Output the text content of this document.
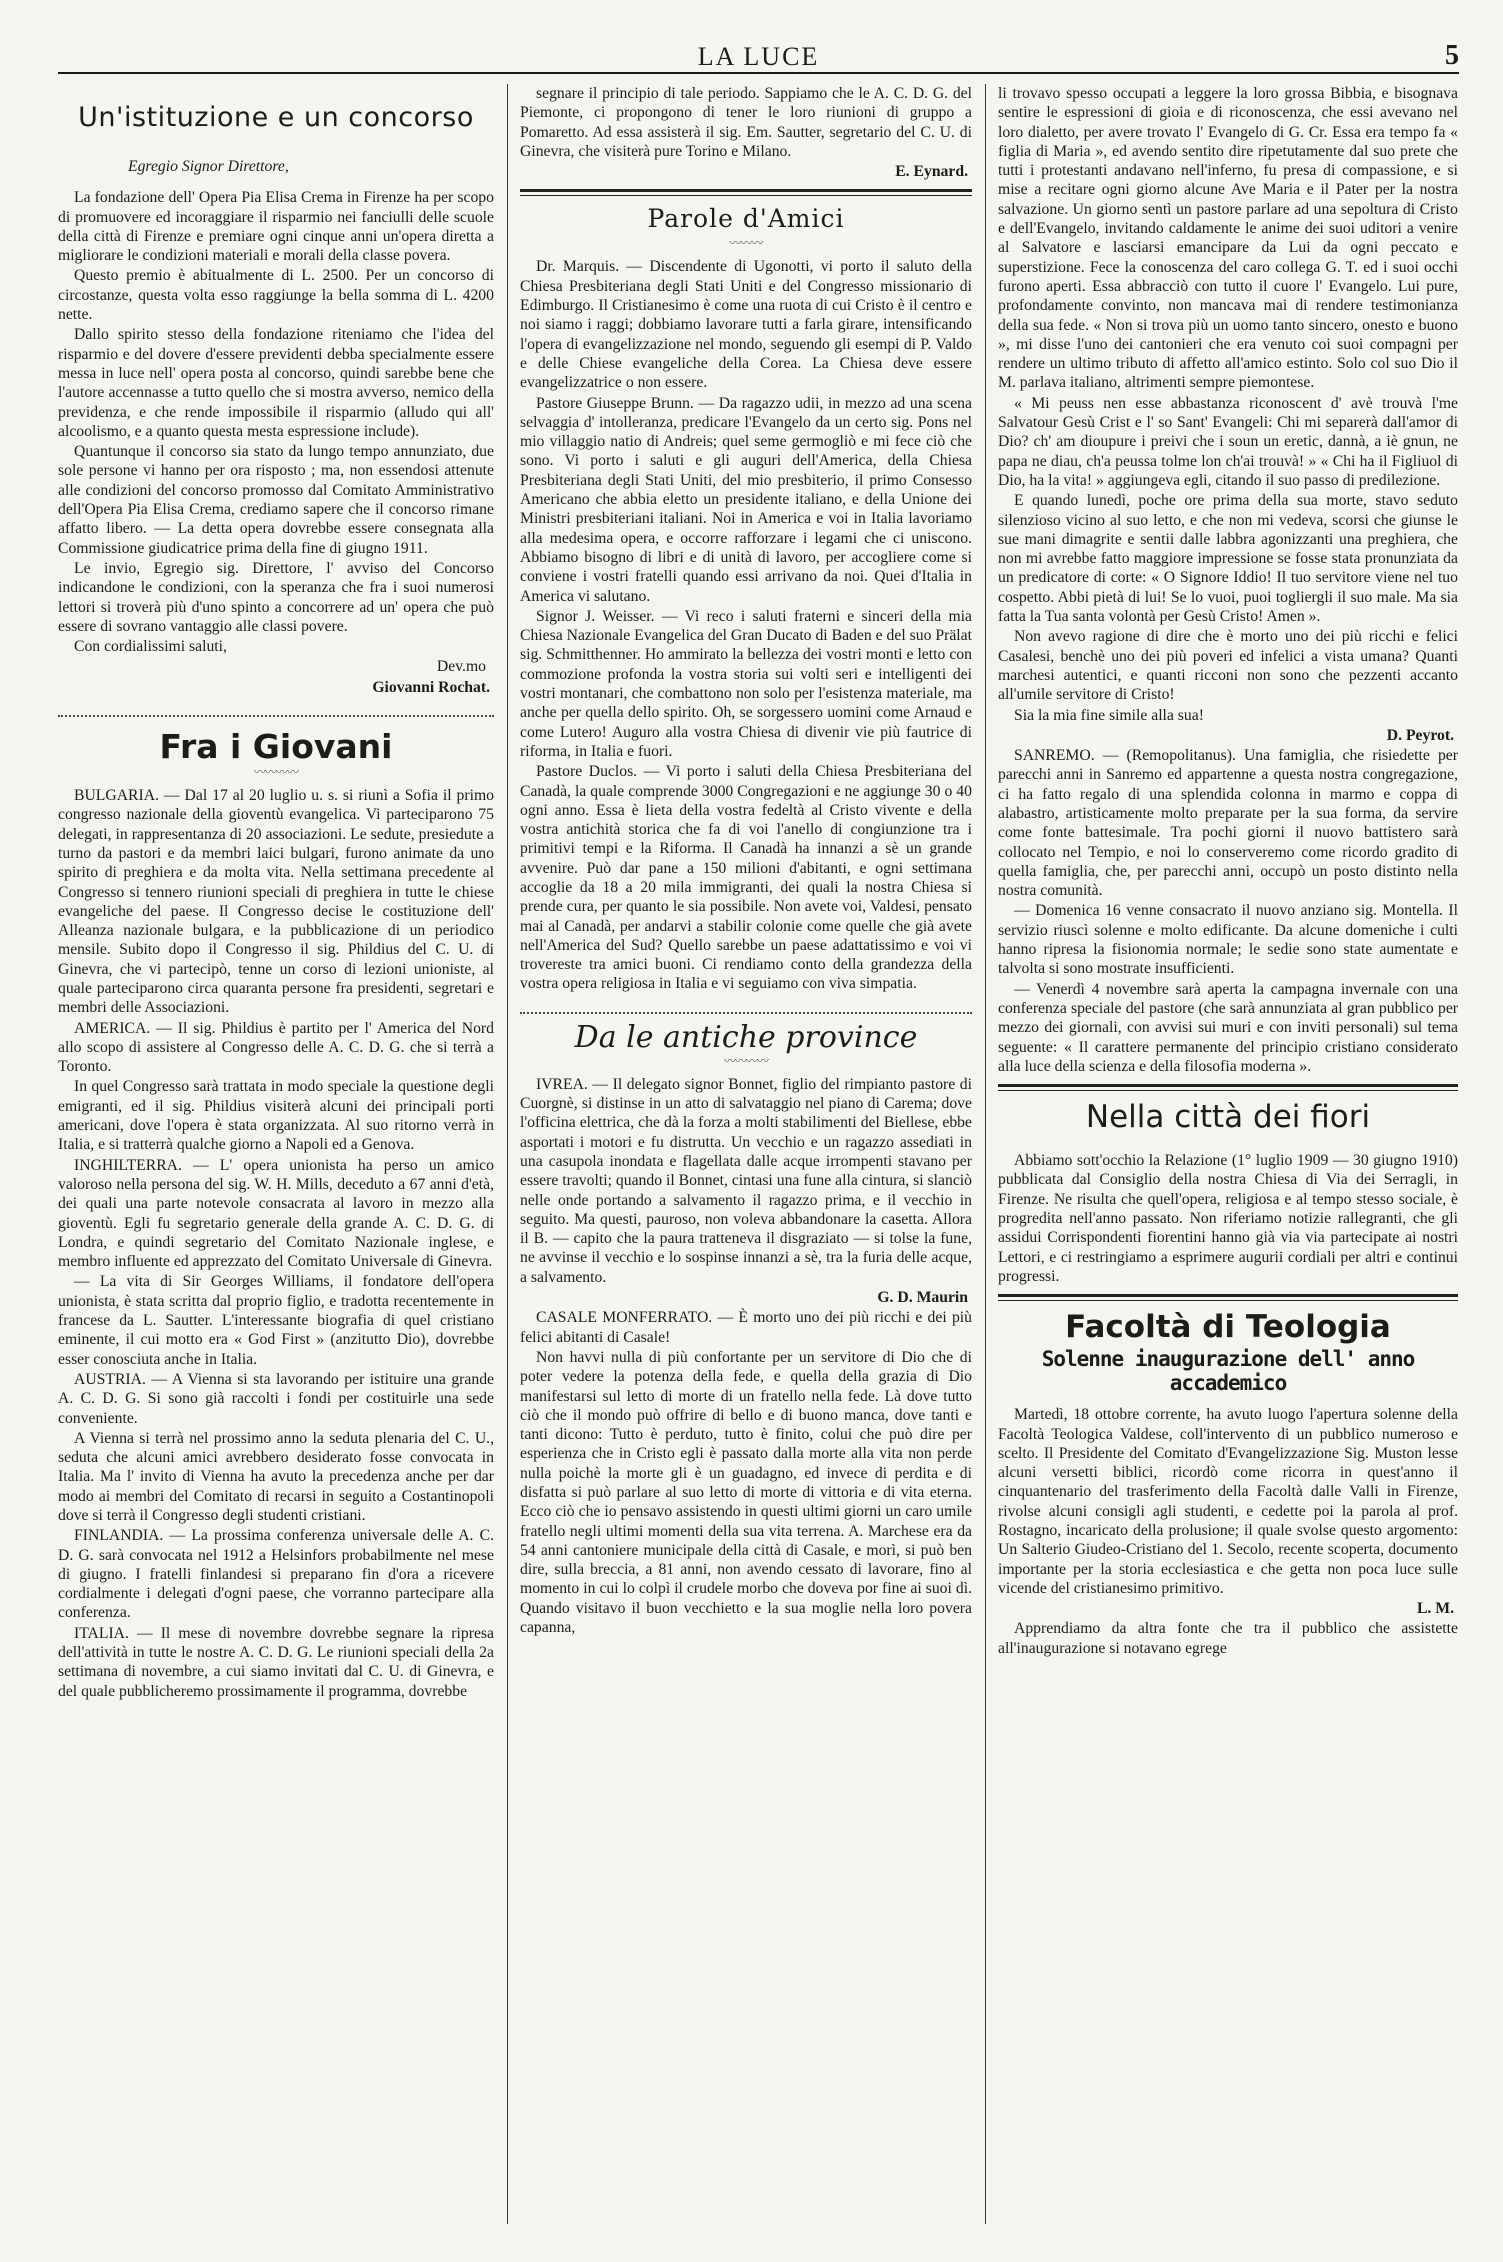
LA LUCE	5
Un'istituzione e un concorso

Egregio Signor Direttore,

La fondazione dell' Opera Pia Elisa Crema in Firenze ha per scopo di promuovere ed incoraggiare il risparmio nei fanciulli delle scuole della città di Firenze e premiare ogni cinque anni un'opera diretta a migliorare le condizioni materiali e morali della classe povera.

Questo premio è abitualmente di L. 2500. Per un concorso di circostanze, questa volta esso raggiunge la bella somma di L. 4200 nette.

Dallo spirito stesso della fondazione riteniamo che l'idea del risparmio e del dovere d'essere previdenti debba specialmente essere messa in luce nell' opera posta al concorso, quindi sarebbe bene che l'autore accennasse a tutto quello che si mostra avverso, nemico della previdenza, e che rende impossibile il risparmio (alludo qui all' alcoolismo, e a quanto questa mesta espressione include).

Quantunque il concorso sia stato da lungo tempo annunziato, due sole persone vi hanno per ora risposto ; ma, non essendosi attenute alle condizioni del concorso promosso dal Comitato Amministrativo dell'Opera Pia Elisa Crema, crediamo sapere che il concorso rimane affatto libero. — La detta opera dovrebbe essere consegnata alla Commissione giudicatrice prima della fine di giugno 1911.

Le invio, Egregio sig. Direttore, l' avviso del Concorso indicandone le condizioni, con la speranza che fra i suoi numerosi lettori si troverà più d'uno spinto a concorrere ad un' opera che può essere di sovrano vantaggio alle classi povere.

Con cordialissimi saluti,

Dev.mo

Giovanni Rochat.

Fra i Giovani
〰〰〰〰

BULGARIA. — Dal 17 al 20 luglio u. s. si riunì a Sofia il primo congresso nazionale della gioventù evangelica. Vi parteciparono 75 delegati, in rappresentanza di 20 associazioni. Le sedute, presiedute a turno da pastori e da membri laici bulgari, furono animate da uno spirito di preghiera e da molta vita. Nella settimana precedente al Congresso si tennero riunioni speciali di preghiera in tutte le chiese evangeliche del paese. Il Congresso decise le costituzione dell' Alleanza nazionale bulgara, e la pubblicazione di un periodico mensile. Subito dopo il Congresso il sig. Phildius del C. U. di Ginevra, che vi partecipò, tenne un corso di lezioni unioniste, al quale parteciparono circa quaranta persone fra presidenti, segretari e membri delle Associazioni.

AMERICA. — Il sig. Phildius è partito per l' America del Nord allo scopo di assistere al Congresso delle A. C. D. G. che si terrà a Toronto.

In quel Congresso sarà trattata in modo speciale la questione degli emigranti, ed il sig. Phildius visiterà alcuni dei principali porti americani, dove l'opera è stata organizzata. Al suo ritorno verrà in Italia, e si tratterrà qualche giorno a Napoli ed a Genova.

INGHILTERRA. — L' opera unionista ha perso un amico valoroso nella persona del sig. W. H. Mills, deceduto a 67 anni d'età, dei quali una parte notevole consacrata al lavoro in mezzo alla gioventù. Egli fu segretario generale della grande A. C. D. G. di Londra, e quindi segretario del Comitato Nazionale inglese, e membro influente ed apprezzato del Comitato Universale di Ginevra.

— La vita di Sir Georges Williams, il fondatore dell'opera unionista, è stata scritta dal proprio figlio, e tradotta recentemente in francese da L. Sautter. L'interessante biografia di quel cristiano eminente, il cui motto era « God First » (anzitutto Dio), dovrebbe esser conosciuta anche in Italia.

AUSTRIA. — A Vienna si sta lavorando per istituire una grande A. C. D. G. Si sono già raccolti i fondi per costituirle una sede conveniente.

A Vienna si terrà nel prossimo anno la seduta plenaria del C. U., seduta che alcuni amici avrebbero desiderato fosse convocata in Italia. Ma l' invito di Vienna ha avuto la precedenza anche per dar modo ai membri del Comitato di recarsi in seguito a Costantinopoli dove si terrà il Congresso degli studenti cristiani.

FINLANDIA. — La prossima conferenza universale delle A. C. D. G. sarà convocata nel 1912 a Helsinfors probabilmente nel mese di giugno. I fratelli finlandesi si preparano fin d'ora a ricevere cordialmente i delegati d'ogni paese, che vorranno partecipare alla conferenza.

ITALIA. — Il mese di novembre dovrebbe segnare la ripresa dell'attività in tutte le nostre A. C. D. G. Le riunioni speciali della 2a settimana di novembre, a cui siamo invitati dal C. U. di Ginevra, e del quale pubblicheremo prossimamente il programma, dovrebbe

segnare il principio di tale periodo. Sappiamo che le A. C. D. G. del Piemonte, ci propongono di tener le loro riunioni di gruppo a Pomaretto. Ad essa assisterà il sig. Em. Sautter, segretario del C. U. di Ginevra, che visiterà pure Torino e Milano.

E. Eynard.

Parole d'Amici
〰〰〰

Dr. Marquis. — Discendente di Ugonotti, vi porto il saluto della Chiesa Presbiteriana degli Stati Uniti e del Congresso missionario di Edimburgo. Il Cristianesimo è come una ruota di cui Cristo è il centro e noi siamo i raggi; dobbiamo lavorare tutti a farla girare, intensificando l'opera di evangelizzazione nel mondo, seguendo gli esempi di P. Valdo e delle Chiese evangeliche della Corea. La Chiesa deve essere evangelizzatrice o non essere.

Pastore Giuseppe Brunn. — Da ragazzo udii, in mezzo ad una scena selvaggia d' intolleranza, predicare l'Evangelo da un certo sig. Pons nel mio villaggio natio di Andreis; quel seme germogliò e mi fece ciò che sono. Vi porto i saluti e gli auguri dell'America, della Chiesa Presbiteriana degli Stati Uniti, del mio presbiterio, il primo Consesso Americano che abbia eletto un presidente italiano, e della Unione dei Ministri presbiteriani italiani. Noi in America e voi in Italia lavoriamo alla medesima opera, e occorre rafforzare i legami che ci uniscono. Abbiamo bisogno di libri e di unità di lavoro, per accogliere come si conviene i vostri fratelli quando essi arrivano da noi. Quei d'Italia in America vi salutano.

Signor J. Weisser. — Vi reco i saluti fraterni e sinceri della mia Chiesa Nazionale Evangelica del Gran Ducato di Baden e del suo Prälat sig. Schmitthenner. Ho ammirato la bellezza dei vostri monti e letto con commozione profonda la vostra storia sui volti seri e intelligenti dei vostri montanari, che combattono non solo per l'esistenza materiale, ma anche per quella dello spirito. Oh, se sorgessero uomini come Arnaud e come Lutero! Auguro alla vostra Chiesa di divenir vie più fautrice di riforma, in Italia e fuori.

Pastore Duclos. — Vi porto i saluti della Chiesa Presbiteriana del Canadà, la quale comprende 3000 Congregazioni e ne aggiunge 30 o 40 ogni anno. Essa è lieta della vostra fedeltà al Cristo vivente e della vostra antichità storica che fa di voi l'anello di congiunzione tra i primitivi tempi e la Riforma. Il Canadà ha innanzi a sè un grande avvenire. Può dar pane a 150 milioni d'abitanti, e ogni settimana accoglie da 18 a 20 mila immigranti, dei quali la nostra Chiesa si prende cura, per quanto le sia possibile. Non avete voi, Valdesi, pensato mai al Canadà, per andarvi a stabilir colonie come quelle che già avete nell'America del Sud? Quello sarebbe un paese adattatissimo e voi vi trovereste tra amici buoni. Ci rendiamo conto della grandezza della vostra opera religiosa in Italia e vi seguiamo con viva simpatia.

Da le antiche province
〰〰〰〰

IVREA. — Il delegato signor Bonnet, figlio del rimpianto pastore di Cuorgnè, si distinse in un atto di salvataggio nel piano di Carema; dove l'officina elettrica, che dà la forza a molti stabilimenti del Biellese, ebbe asportati i motori e fu distrutta. Un vecchio e un ragazzo assediati in una casupola inondata e flagellata dalle acque irrompenti stavano per essere travolti; quando il Bonnet, cintasi una fune alla cintura, si slanciò nelle onde portando a salvamento il ragazzo prima, e il vecchio in seguito. Ma questi, pauroso, non voleva abbandonare la casetta. Allora il B. — capito che la paura tratteneva il disgraziato — si tolse la fune, ne avvinse il vecchio e lo sospinse innanzi a sè, tra la furia delle acque, a salvamento.

G. D. Maurin

CASALE MONFERRATO. — È morto uno dei più ricchi e dei più felici abitanti di Casale!

Non havvi nulla di più confortante per un servitore di Dio che di poter vedere la potenza della fede, e quella della grazia di Dio manifestarsi sul letto di morte di un fratello nella fede. Là dove tutto ciò che il mondo può offrire di bello e di buono manca, dove tanti e tanti dicono: Tutto è perduto, tutto è finito, colui che può dire per esperienza che in Cristo egli è passato dalla morte alla vita non perde nulla poichè la morte gli è un guadagno, ed invece di perdita e di disfatta si può parlare al suo letto di morte di vittoria e di vita eterna. Ecco ciò che io pensavo assistendo in questi ultimi giorni un caro umile fratello negli ultimi momenti della sua vita terrena. A. Marchese era da 54 anni cantoniere municipale della città di Casale, e morì, si può ben dire, sulla breccia, a 81 anni, non avendo cessato di lavorare, fino al momento in cui lo colpì il crudele morbo che doveva por fine ai suoi dì. Quando visitavo il buon vecchietto e la sua moglie nella loro povera capanna,

li trovavo spesso occupati a leggere la loro grossa Bibbia, e bisognava sentire le espressioni di gioia e di riconoscenza, che essi avevano nel loro dialetto, per avere trovato l' Evangelo di G. Cr. Essa era tempo fa « figlia di Maria », ed avendo sentito dire ripetutamente dal suo prete che tutti i protestanti andavano nell'inferno, fu presa di compassione, e si mise a recitare ogni giorno alcune Ave Maria e il Pater per la nostra salvazione. Un giorno sentì un pastore parlare ad una sepoltura di Cristo e dell'Evangelo, invitando caldamente le anime dei suoi uditori a venire al Salvatore e lasciarsi emancipare da Lui da ogni peccato e superstizione. Fece la conoscenza del caro collega G. T. ed i suoi occhi furono aperti. Essa abbracciò con tutto il cuore l' Evangelo. Lui pure, profondamente convinto, non mancava mai di rendere testimonianza della sua fede. « Non si trova più un uomo tanto sincero, onesto e buono », mi disse l'uno dei cantonieri che era venuto coi suoi compagni per rendere un ultimo tributo di affetto all'amico estinto. Solo col suo Dio il M. parlava italiano, altrimenti sempre piemontese.

« Mi peuss nen esse abbastanza riconoscent d' avè trouvà l'me Salvatour Gesù Crist e l' so Sant' Evangeli: Chi mi separerà dall'amor di Dio? ch' am dioupure i preivi che i soun un eretic, dannà, a iè gnun, ne papa ne diau, ch'a peussa tolme lon ch'ai trouvà! » « Chi ha il Figliuol di Dio, ha la vita! » aggiungeva egli, citando il suo passo di predilezione.

E quando lunedì, poche ore prima della sua morte, stavo seduto silenzioso vicino al suo letto, e che non mi vedeva, scorsi che giunse le sue mani dimagrite e sentii dalle labbra agonizzanti una preghiera, che non mi avrebbe fatto maggiore impressione se fosse stata pronunziata da un predicatore di corte: « O Signore Iddio! Il tuo servitore viene nel tuo cospetto. Abbi pietà di lui! Se lo vuoi, puoi togliergli il suo male. Ma sia fatta la Tua santa volontà per Gesù Cristo! Amen ».

Non avevo ragione di dire che è morto uno dei più ricchi e felici Casalesi, benchè uno dei più poveri ed infelici a vista umana? Quanti marchesi autentici, e quanti ricconi non sono che pezzenti accanto all'umile servitore di Cristo!

Sia la mia fine simile alla sua!

D. Peyrot.

SANREMO. — (Remopolitanus). Una famiglia, che risiedette per parecchi anni in Sanremo ed appartenne a questa nostra congregazione, ci ha fatto regalo di una splendida colonna in marmo e coppa di alabastro, artisticamente molto preparate per la sua forma, da servire come fonte battesimale. Tra pochi giorni il nuovo battistero sarà collocato nel Tempio, e noi lo conserveremo come ricordo gradito di quella famiglia, che, per parecchi anni, occupò un posto distinto nella nostra comunità.

— Domenica 16 venne consacrato il nuovo anziano sig. Montella. Il servizio riuscì solenne e molto edificante. Da alcune domeniche i culti hanno ripresa la fisionomia normale; le sedie sono state aumentate e talvolta si sono mostrate insufficienti.

— Venerdì 4 novembre sarà aperta la campagna invernale con una conferenza speciale del pastore (che sarà annunziata al gran pubblico per mezzo dei giornali, con avvisi sui muri e con inviti personali) sul tema seguente: « Il carattere permanente del principio cristiano considerato alla luce della scienza e della filosofia moderna ».

Nella città dei fiori

Abbiamo sott'occhio la Relazione (1° luglio 1909 — 30 giugno 1910) pubblicata dal Consiglio della nostra Chiesa di Via dei Serragli, in Firenze. Ne risulta che quell'opera, religiosa e al tempo stesso sociale, è progredita nell'anno passato. Non riferiamo notizie rallegranti, che gli assidui Corrispondenti fiorentini hanno già via via partecipate ai nostri Lettori, e ci restringiamo a esprimere augurii cordiali per altri e continui progressi.

Facoltà di Teologia
Solenne inaugurazione dell' anno accademico

Martedì, 18 ottobre corrente, ha avuto luogo l'apertura solenne della Facoltà Teologica Valdese, coll'intervento di un pubblico numeroso e scelto. Il Presidente del Comitato d'Evangelizzazione Sig. Muston lesse alcuni versetti biblici, ricordò come ricorra in quest'anno il cinquantenario del trasferimento della Facoltà dalle Valli in Firenze, rivolse alcuni consigli agli studenti, e cedette poi la parola al prof. Rostagno, incaricato della prolusione; il quale svolse questo argomento: Un Salterio Giudeo-Cristiano del 1. Secolo, recente scoperta, documento importante per la storia ecclesiastica e che getta non poca luce sulle vicende del cristianesimo primitivo.

L. M.

Apprendiamo da altra fonte che tra il pubblico che assistette all'inaugurazione si notavano egrege
